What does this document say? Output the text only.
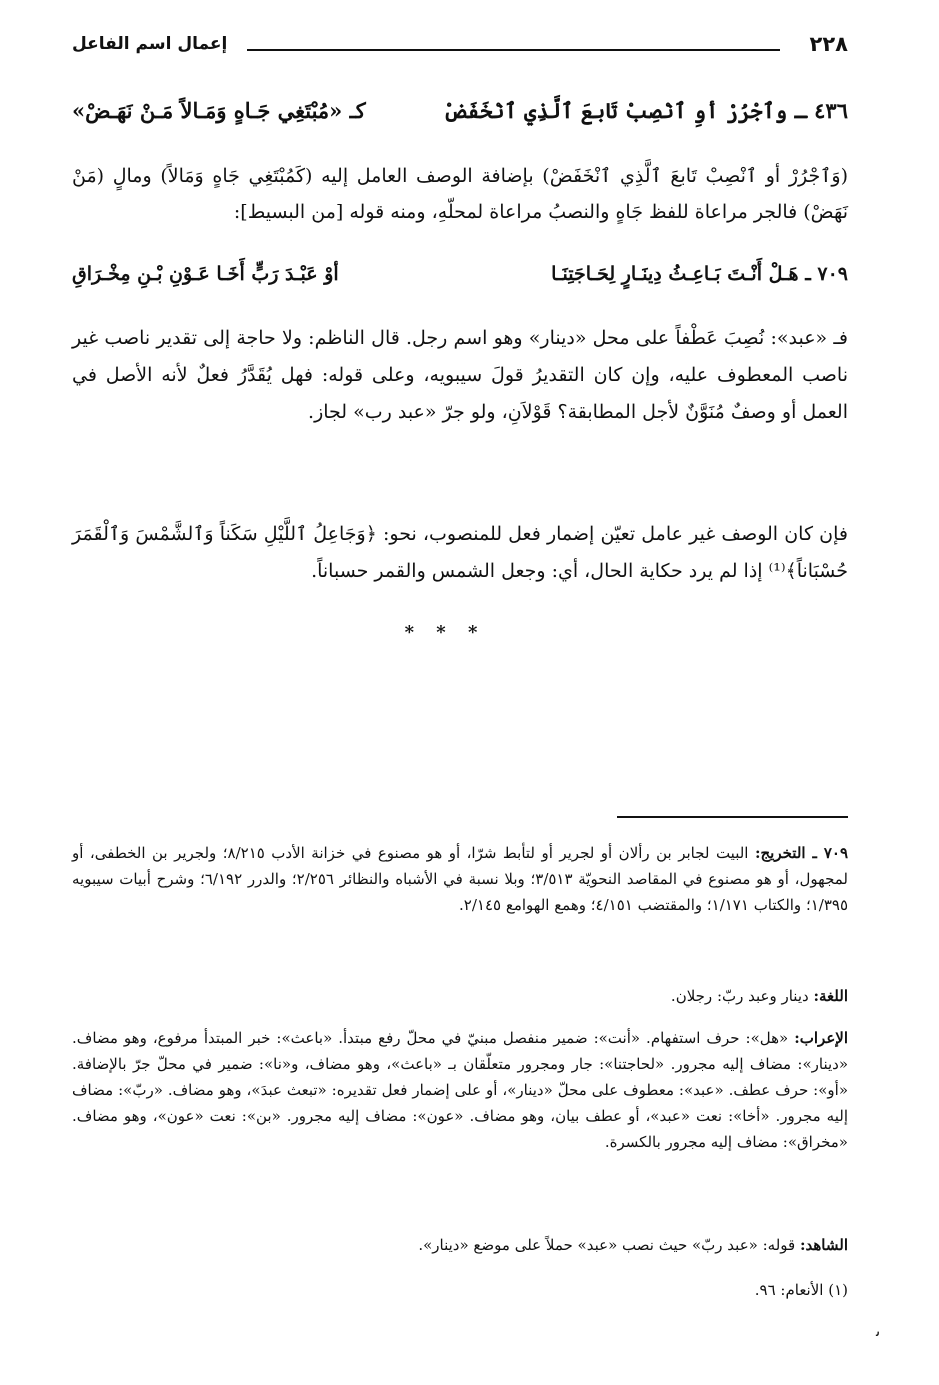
٢٢٨
إعمال اسم الفاعل
٤٣٦ ـ وٱجْرُرْ أوِ ٱنْصِبْ تَابعَ ٱلَّذِي ٱنْخَفَضْ
كـ «مُبْتَغِي جَـاهٍ وَمَـالاً مَـنْ نَهَـضْ»

(وَٱجْرُرْ أو ٱنْصِبْ تَابعَ ٱلَّذِي ٱنْخَفَضْ) بإضافة الوصف العامل إليه (كَمُبْتَغِي جَاهٍ وَمَالاً) ومالٍ (مَنْ نَهَضْ) فالجر مراعاة للفظ جَاهٍ والنصبُ مراعاة لمحلّهِ، ومنه قوله [من البسيط]:

٧٠٩ ـ هَـلْ أَنْـتَ بَـاعِـثُ دِينَـارٍ لِحَـاجَتِنَـا
أوْ عَبْـدَ رَبٍّ أَخَـا عَـوْنِ بْـنِ مِخْـرَاقِ

فـ «عبد»: نُصِبَ عَطْفاً على محل «دينار» وهو اسم رجل. قال الناظم: ولا حاجة إلى تقدير ناصب غير ناصب المعطوف عليه، وإن كان التقديرُ قولَ سيبويه، وعلى قوله: فهل يُقَدَّرُ فعلٌ لأنه الأصل في العمل أو وصفٌ مُنَوَّنٌ لأجل المطابقة؟ قَوْلاَنِ، ولو جرّ «عبد رب» لجاز.

فإن كان الوصف غير عامل تعيّن إضمار فعل للمنصوب، نحو: ﴿وَجَاعِلُ ٱللَّيْلِ سَكَناً وَٱلشَّمْسَ وَٱلْقَمَرَ حُسْبَاناً﴾⁽¹⁾ إذا لم يرد حكاية الحال، أي: وجعل الشمس والقمر حسباناً.

* * *

٧٠٩ ـ التخريج: البيت لجابر بن رألان أو لجرير أو لتأبط شرّا، أو هو مصنوع في خزانة الأدب ٨/٢١٥؛ ولجرير بن الخطفى، أو لمجهول، أو هو مصنوع في المقاصد النحويّة ٣/٥١٣؛ وبلا نسبة في الأشباه والنظائر ٢/٢٥٦؛ والدرر ٦/١٩٢؛ وشرح أبيات سيبويه ١/٣٩٥؛ والكتاب ١/١٧١؛ والمقتضب ٤/١٥١؛ وهمع الهوامع ٢/١٤٥.

اللغة: دينار وعبد ربّ: رجلان.

الإعراب: «هل»: حرف استفهام. «أنت»: ضمير منفصل مبنيّ في محلّ رفع مبتدأ. «باعث»: خبر المبتدأ مرفوع، وهو مضاف. «دينار»: مضاف إليه مجرور. «لحاجتنا»: جار ومجرور متعلّقان بـ «باعث»، وهو مضاف، و«نا»: ضمير في محلّ جرّ بالإضافة. «أو»: حرف عطف. «عبد»: معطوف على محلّ «دينار»، أو على إضمار فعل تقديره: «تبعث عبدَ»، وهو مضاف. «ربّ»: مضاف إليه مجرور. «أخا»: نعت «عبد»، أو عطف بيان، وهو مضاف. «عون»: مضاف إليه مجرور. «بن»: نعت «عون»، وهو مضاف. «مخراق»: مضاف إليه مجرور بالكسرة.

الشاهد: قوله: «عبد ربّ» حيث نصب «عبد» حملاً على موضع «دينار».

(١) الأنعام: ٩٦.

ﯨ
